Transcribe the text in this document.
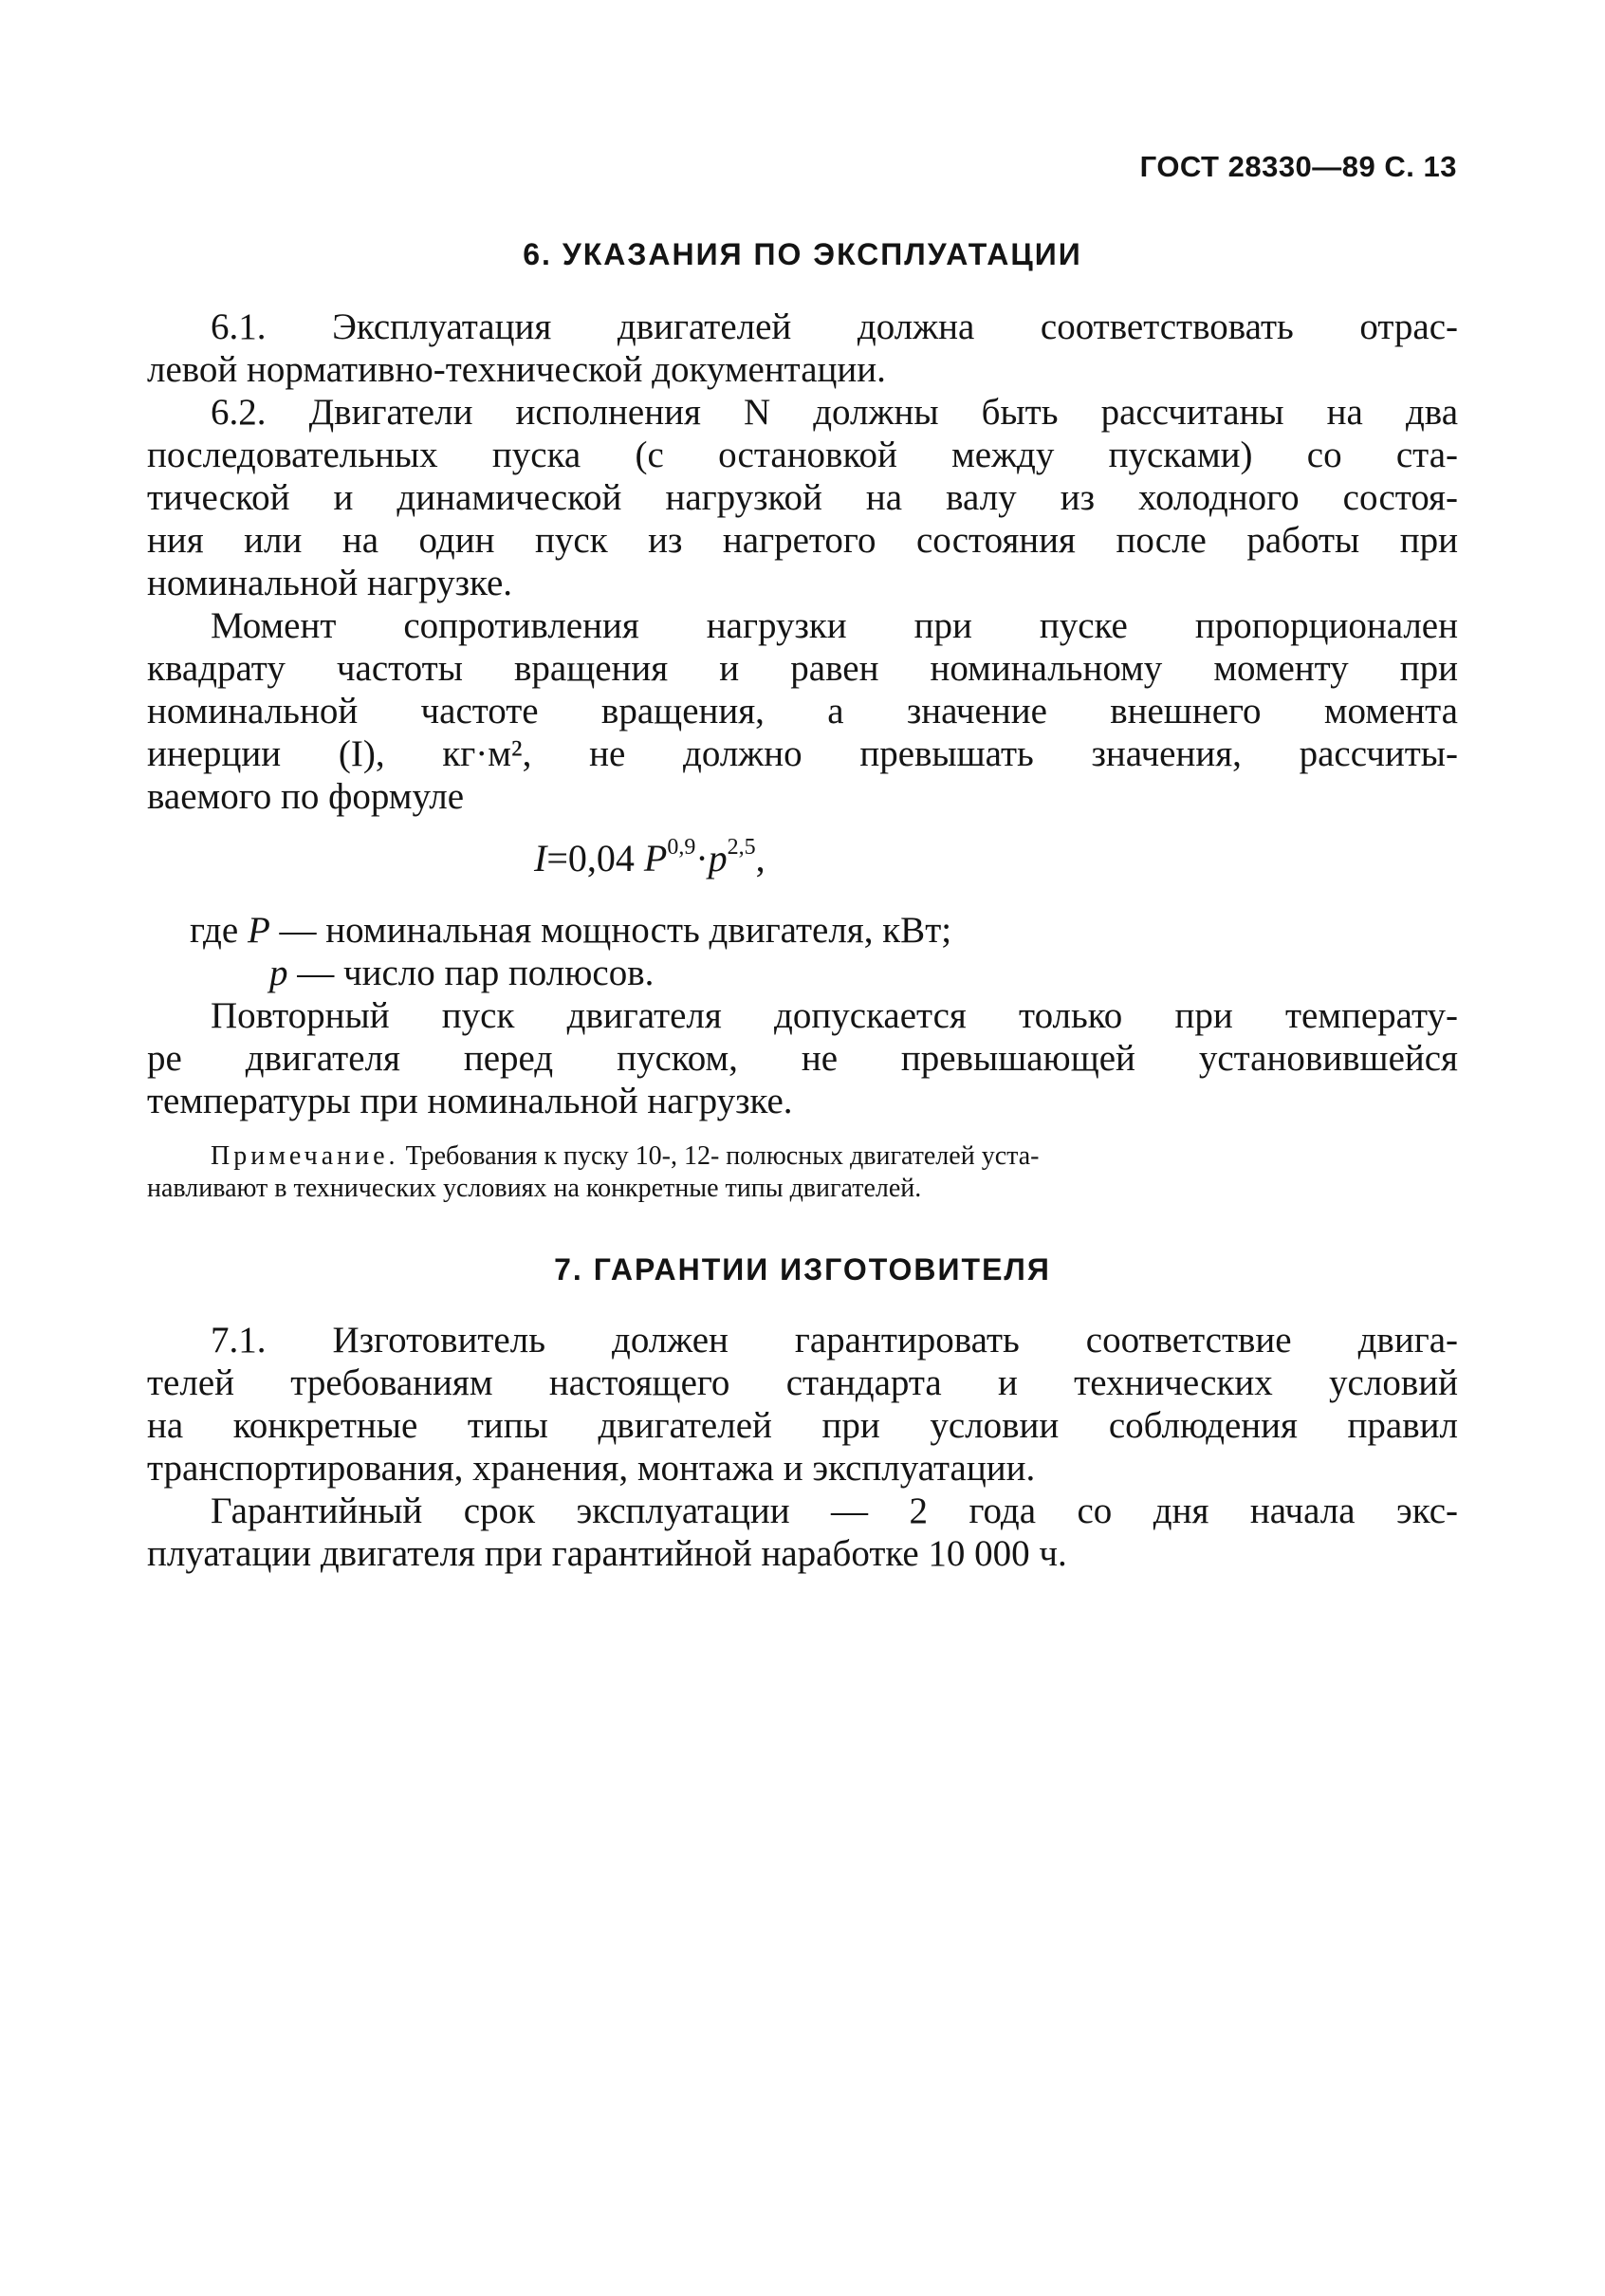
ГОСТ 28330—89 С. 13
6. УКАЗАНИЯ ПО ЭКСПЛУАТАЦИИ
6.1. Эксплуатация двигателей должна соответствовать отрас-
левой нормативно-технической документации.
6.2. Двигатели исполнения N должны быть рассчитаны на два
последовательных пуска (с остановкой между пусками) со ста-
тической и динамической нагрузкой на валу из холодного состоя-
ния или на один пуск из нагретого состояния после работы при
номинальной нагрузке.
Момент сопротивления нагрузки при пуске пропорционален
квадрату частоты вращения и равен номинальному моменту при
номинальной частоте вращения, а значение внешнего момента
инерции (I), кг·м², не должно превышать значения, рассчиты-
ваемого по формуле
I=0,04 $P^{0,9}\cdot p^{2,5}$,
где P — номинальная мощность двигателя, кВт;
p — число пар полюсов.
Повторный пуск двигателя допускается только при температу-
ре двигателя перед пуском, не превышающей установившейся
температуры при номинальной нагрузке.
Примечание. Требования к пуску 10-, 12- полюсных двигателей уста-
навливают в технических условиях на конкретные типы двигателей.
7. ГАРАНТИИ ИЗГОТОВИТЕЛЯ
7.1. Изготовитель должен гарантировать соответствие двига-
телей требованиям настоящего стандарта и технических условий
на конкретные типы двигателей при условии соблюдения правил
транспортирования, хранения, монтажа и эксплуатации.
Гарантийный срок эксплуатации — 2 года со дня начала экс-
плуатации двигателя при гарантийной наработке 10 000 ч.
